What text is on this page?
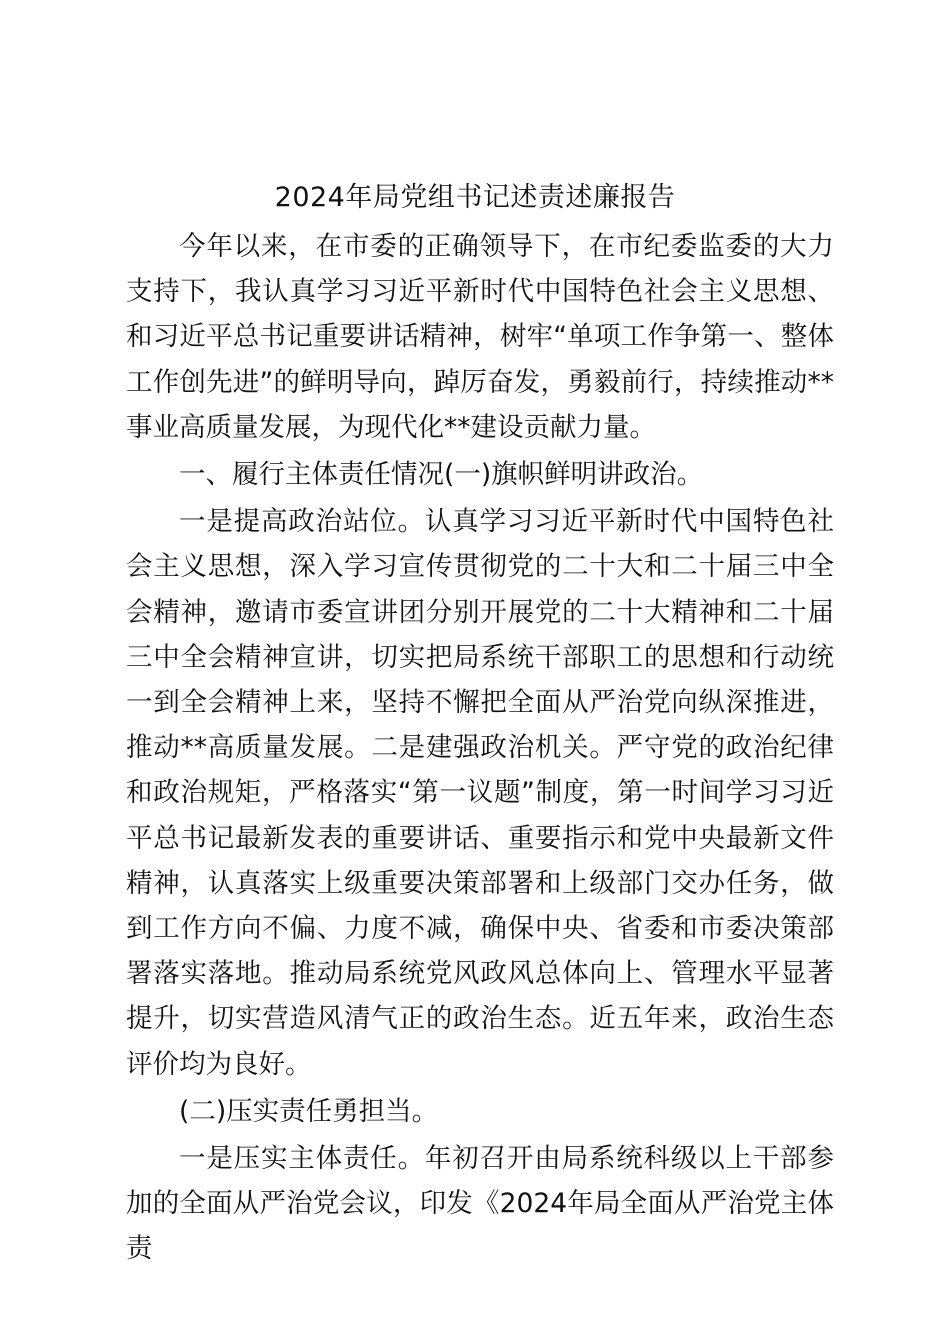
2024年局党组书记述责述廉报告

今年以来，在市委的正确领导下，在市纪委监委的大力支持下，我认真学习习近平新时代中国特色社会主义思想、和习近平总书记重要讲话精神，树牢“单项工作争第一、整体工作创先进”的鲜明导向，踔厉奋发，勇毅前行，持续推动**事业高质量发展，为现代化**建设贡献力量。

一、履行主体责任情况(一)旗帜鲜明讲政治。

一是提高政治站位。认真学习习近平新时代中国特色社会主义思想，深入学习宣传贯彻党的二十大和二十届三中全会精神，邀请市委宣讲团分别开展党的二十大精神和二十届三中全会精神宣讲，切实把局系统干部职工的思想和行动统一到全会精神上来，坚持不懈把全面从严治党向纵深推进，推动**高质量发展。二是建强政治机关。严守党的政治纪律和政治规矩，严格落实“第一议题”制度，第一时间学习习近平总书记最新发表的重要讲话、重要指示和党中央最新文件精神，认真落实上级重要决策部署和上级部门交办任务，做到工作方向不偏、力度不减，确保中央、省委和市委决策部署落实落地。推动局系统党风政风总体向上、管理水平显著提升，切实营造风清气正的政治生态。近五年来，政治生态评价均为良好。

(二)压实责任勇担当。

一是压实主体责任。年初召开由局系统科级以上干部参加的全面从严治党会议，印发《2024年局全面从严治党主体责
